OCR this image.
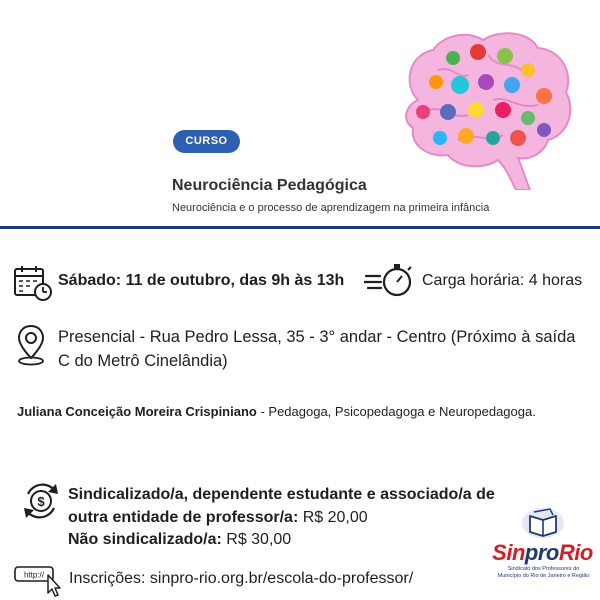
CURSO
Neurociência Pedagógica
Neurociência e o processo de aprendizagem na primeira infância
Sábado: 11 de outubro, das 9h às 13h	Carga horária: 4 horas
Presencial - Rua Pedro Lessa, 35 - 3° andar - Centro (Próximo à saída C do Metrô Cinelândia)
Juliana Conceição Moreira Crispiniano - Pedagoga, Psicopedagoga e Neuropedagoga.
$ Sindicalizado/a, dependente estudante e associado/a de outra entidade de professor/a: R$ 20,00
Não sindicalizado/a: R$ 30,00
http:// Inscrições: sinpro-rio.org.br/escola-do-professor/
SinproRio
Sindicato dos Professores do Município do Rio de Janeiro e Região
